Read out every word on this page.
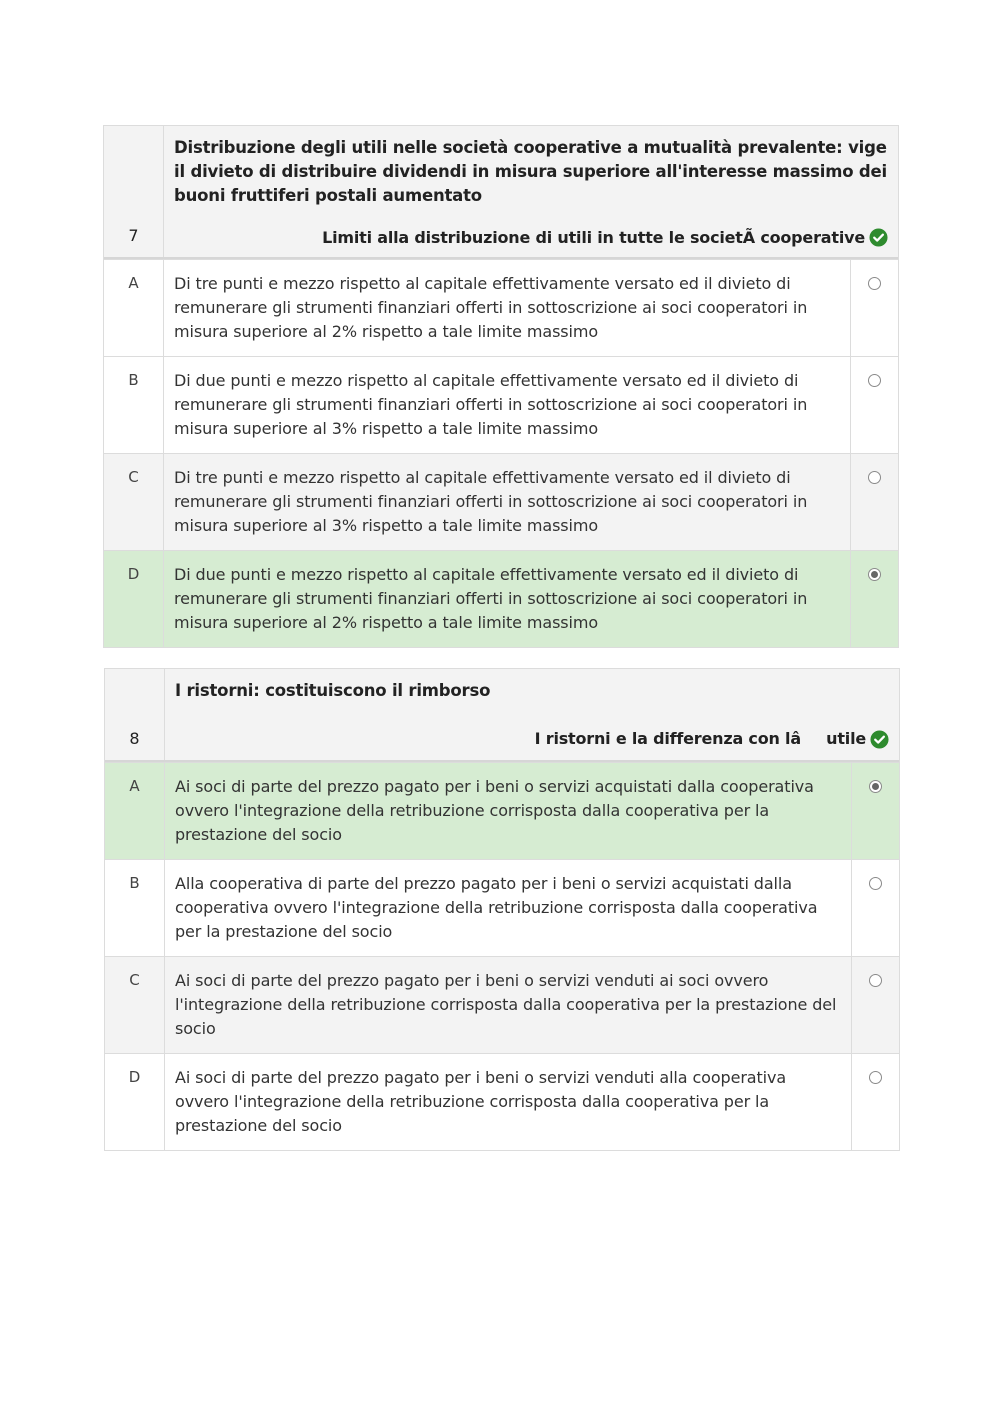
7
Distribuzione degli utili nelle società cooperative a mutualità prevalente: vige il divieto di distribuire dividendi in misura superiore all'interesse massimo dei buoni fruttiferi postali aumentato
Limiti alla distribuzione di utili in tutte le societÃ cooperative
A	Di tre punti e mezzo rispetto al capitale effettivamente versato ed il divieto di remunerare gli strumenti finanziari offerti in sottoscrizione ai soci cooperatori in misura superiore al 2% rispetto a tale limite massimo
B	Di due punti e mezzo rispetto al capitale effettivamente versato ed il divieto di remunerare gli strumenti finanziari offerti in sottoscrizione ai soci cooperatori in misura superiore al 3% rispetto a tale limite massimo
C	Di tre punti e mezzo rispetto al capitale effettivamente versato ed il divieto di remunerare gli strumenti finanziari offerti in sottoscrizione ai soci cooperatori in misura superiore al 3% rispetto a tale limite massimo
D	Di due punti e mezzo rispetto al capitale effettivamente versato ed il divieto di remunerare gli strumenti finanziari offerti in sottoscrizione ai soci cooperatori in misura superiore al 2% rispetto a tale limite massimo
8
I ristorni: costituiscono il rimborso
I ristorni e la differenza con lâutile
A	Ai soci di parte del prezzo pagato per i beni o servizi acquistati dalla cooperativa ovvero l'integrazione della retribuzione corrisposta dalla cooperativa per la prestazione del socio
B	Alla cooperativa di parte del prezzo pagato per i beni o servizi acquistati dalla cooperativa ovvero l'integrazione della retribuzione corrisposta dalla cooperativa per la prestazione del socio
C	Ai soci di parte del prezzo pagato per i beni o servizi venduti ai soci ovvero l'integrazione della retribuzione corrisposta dalla cooperativa per la prestazione del socio
D	Ai soci di parte del prezzo pagato per i beni o servizi venduti alla cooperativa ovvero l'integrazione della retribuzione corrisposta dalla cooperativa per la prestazione del socio
